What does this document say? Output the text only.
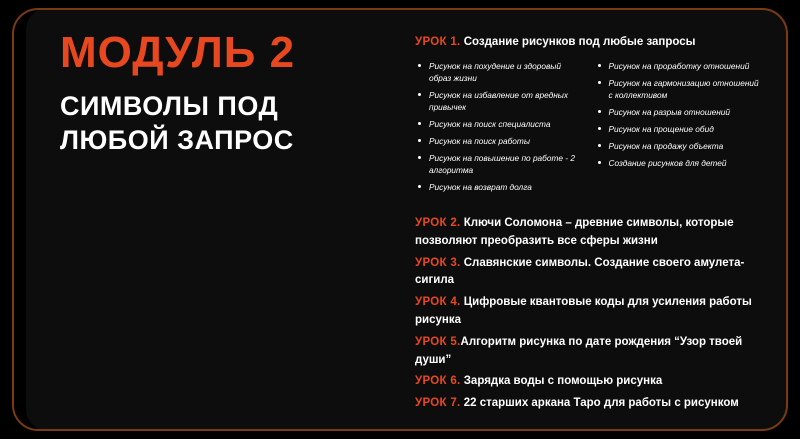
МОДУЛЬ 2
СИМВОЛЫ ПОД ЛЮБОЙ ЗАПРОС

УРОК 1. Создание рисунков под любые запросы

Рисунок на похудение и здоровый образ жизни
Рисунок на избавление от вредных привычек
Рисунок на поиск специалиста
Рисунок на поиск работы
Рисунок на повышение по работе - 2 алгоритма
Рисунок на возврат долга
Рисунок на проработку отношений
Рисунок на гармонизацию отношений с коллективом
Рисунок на разрыв отношений
Рисунок на прощение обид
Рисунок на продажу объекта
Создание рисунков для детей

УРОК 2. Ключи Соломона – древние символы, которые позволяют преобразить все сферы жизни

УРОК 3. Славянские символы. Создание своего амулета-сигила

УРОК 4. Цифровые квантовые коды для усиления работы рисунка

УРОК 5.Алгоритм рисунка по дате рождения “Узор твоей души”

УРОК 6. Зарядка воды с помощью рисунка

УРОК 7. 22 старших аркана Таро для работы с рисунком
